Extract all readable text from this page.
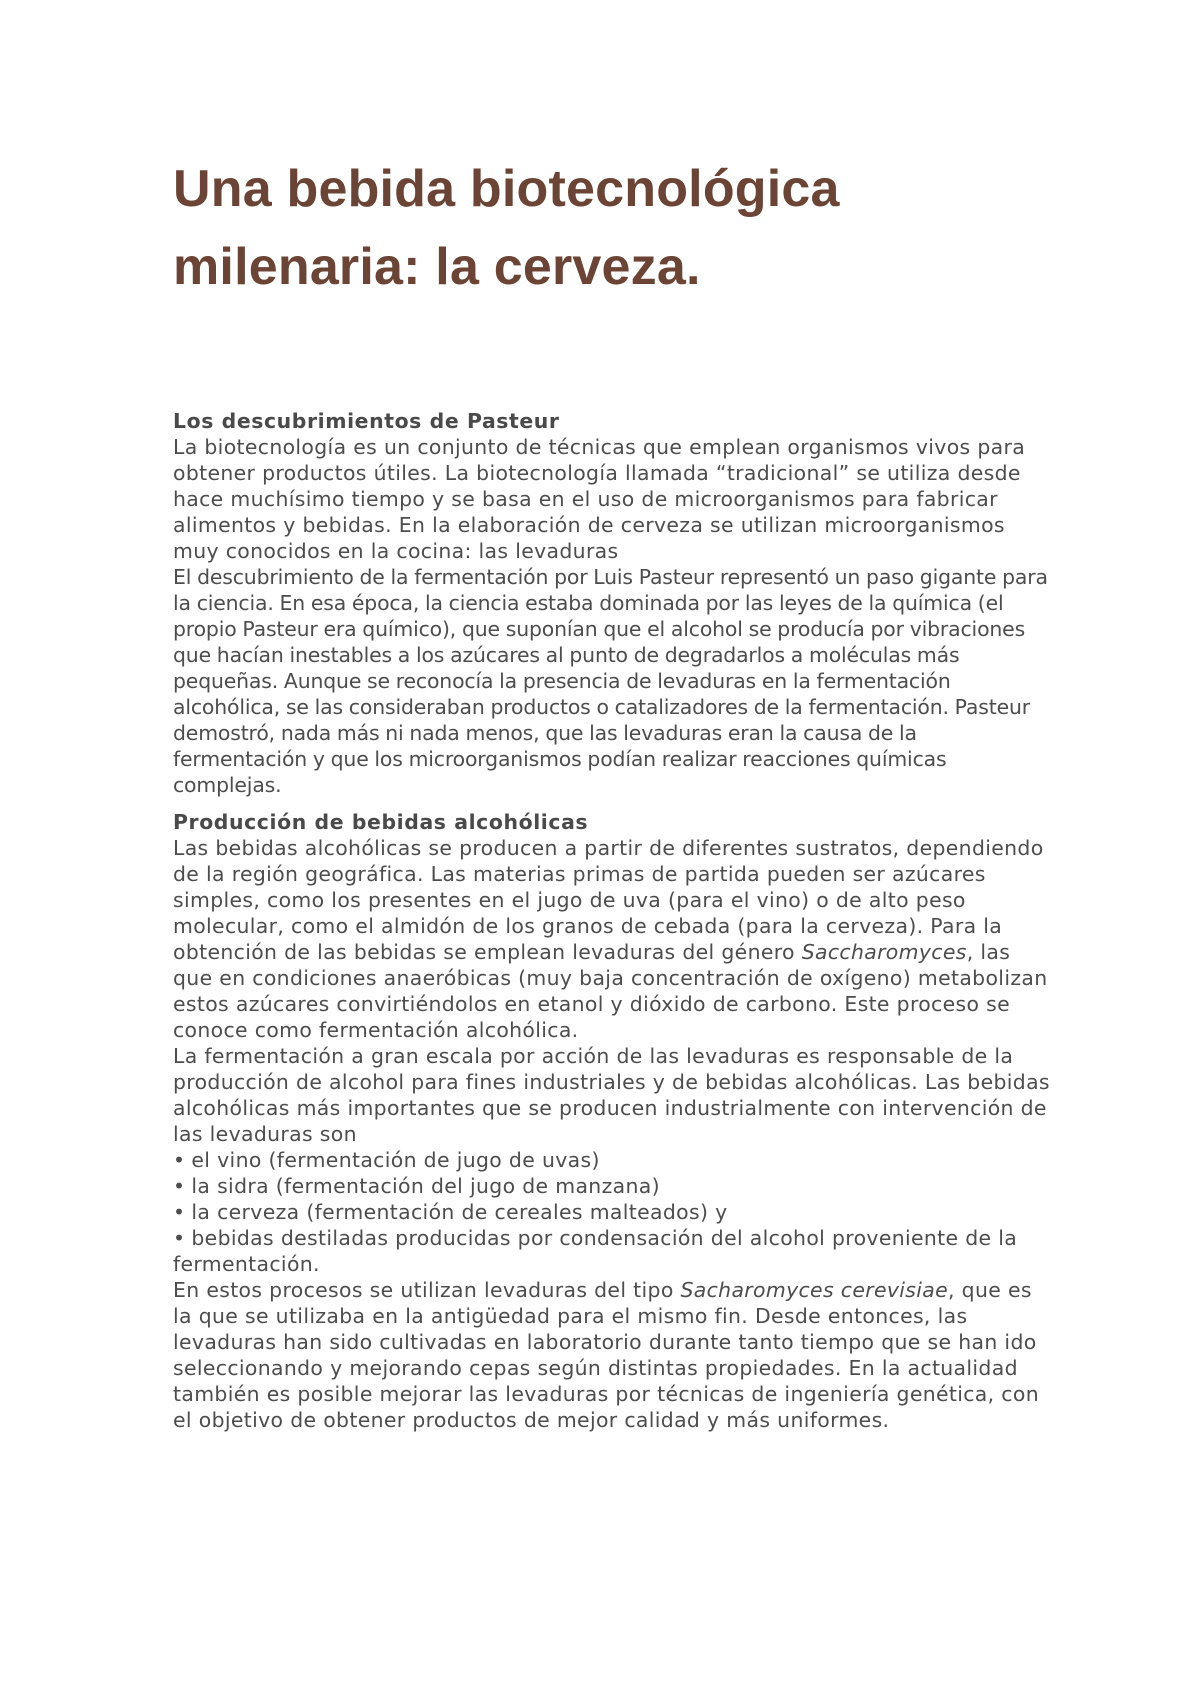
Una bebida biotecnológica
milenaria: la cerveza.

Los descubrimientos de Pasteur

La biotecnología es un conjunto de técnicas que emplean organismos vivos para obtener productos útiles. La biotecnología llamada “tradicional” se utiliza desde hace muchísimo tiempo y se basa en el uso de microorganismos para fabricar alimentos y bebidas. En la elaboración de cerveza se utilizan microorganismos muy conocidos en la cocina: las levaduras

El descubrimiento de la fermentación por Luis Pasteur representó un paso gigante para la ciencia. En esa época, la ciencia estaba dominada por las leyes de la química (el propio Pasteur era químico), que suponían que el alcohol se producía por vibraciones que hacían inestables a los azúcares al punto de degradarlos a moléculas más pequeñas. Aunque se reconocía la presencia de levaduras en la fermentación alcohólica, se las consideraban productos o catalizadores de la fermentación. Pasteur demostró, nada más ni nada menos, que las levaduras eran la causa de la fermentación y que los microorganismos podían realizar reacciones químicas complejas.

Producción de bebidas alcohólicas

Las bebidas alcohólicas se producen a partir de diferentes sustratos, dependiendo de la región geográfica. Las materias primas de partida pueden ser azúcares simples, como los presentes en el jugo de uva (para el vino) o de alto peso molecular, como el almidón de los granos de cebada (para la cerveza). Para la obtención de las bebidas se emplean levaduras del género Saccharomyces, las que en condiciones anaeróbicas (muy baja concentración de oxígeno) metabolizan estos azúcares convirtiéndolos en etanol y dióxido de carbono. Este proceso se conoce como fermentación alcohólica.

La fermentación a gran escala por acción de las levaduras es responsable de la producción de alcohol para fines industriales y de bebidas alcohólicas. Las bebidas alcohólicas más importantes que se producen industrialmente con intervención de las levaduras son

• el vino (fermentación de jugo de uvas)
• la sidra (fermentación del jugo de manzana)
• la cerveza (fermentación de cereales malteados) y
• bebidas destiladas producidas por condensación del alcohol proveniente de la fermentación.

En estos procesos se utilizan levaduras del tipo Sacharomyces cerevisiae, que es la que se utilizaba en la antigüedad para el mismo fin. Desde entonces, las levaduras han sido cultivadas en laboratorio durante tanto tiempo que se han ido seleccionando y mejorando cepas según distintas propiedades. En la actualidad también es posible mejorar las levaduras por técnicas de ingeniería genética, con el objetivo de obtener productos de mejor calidad y más uniformes.
